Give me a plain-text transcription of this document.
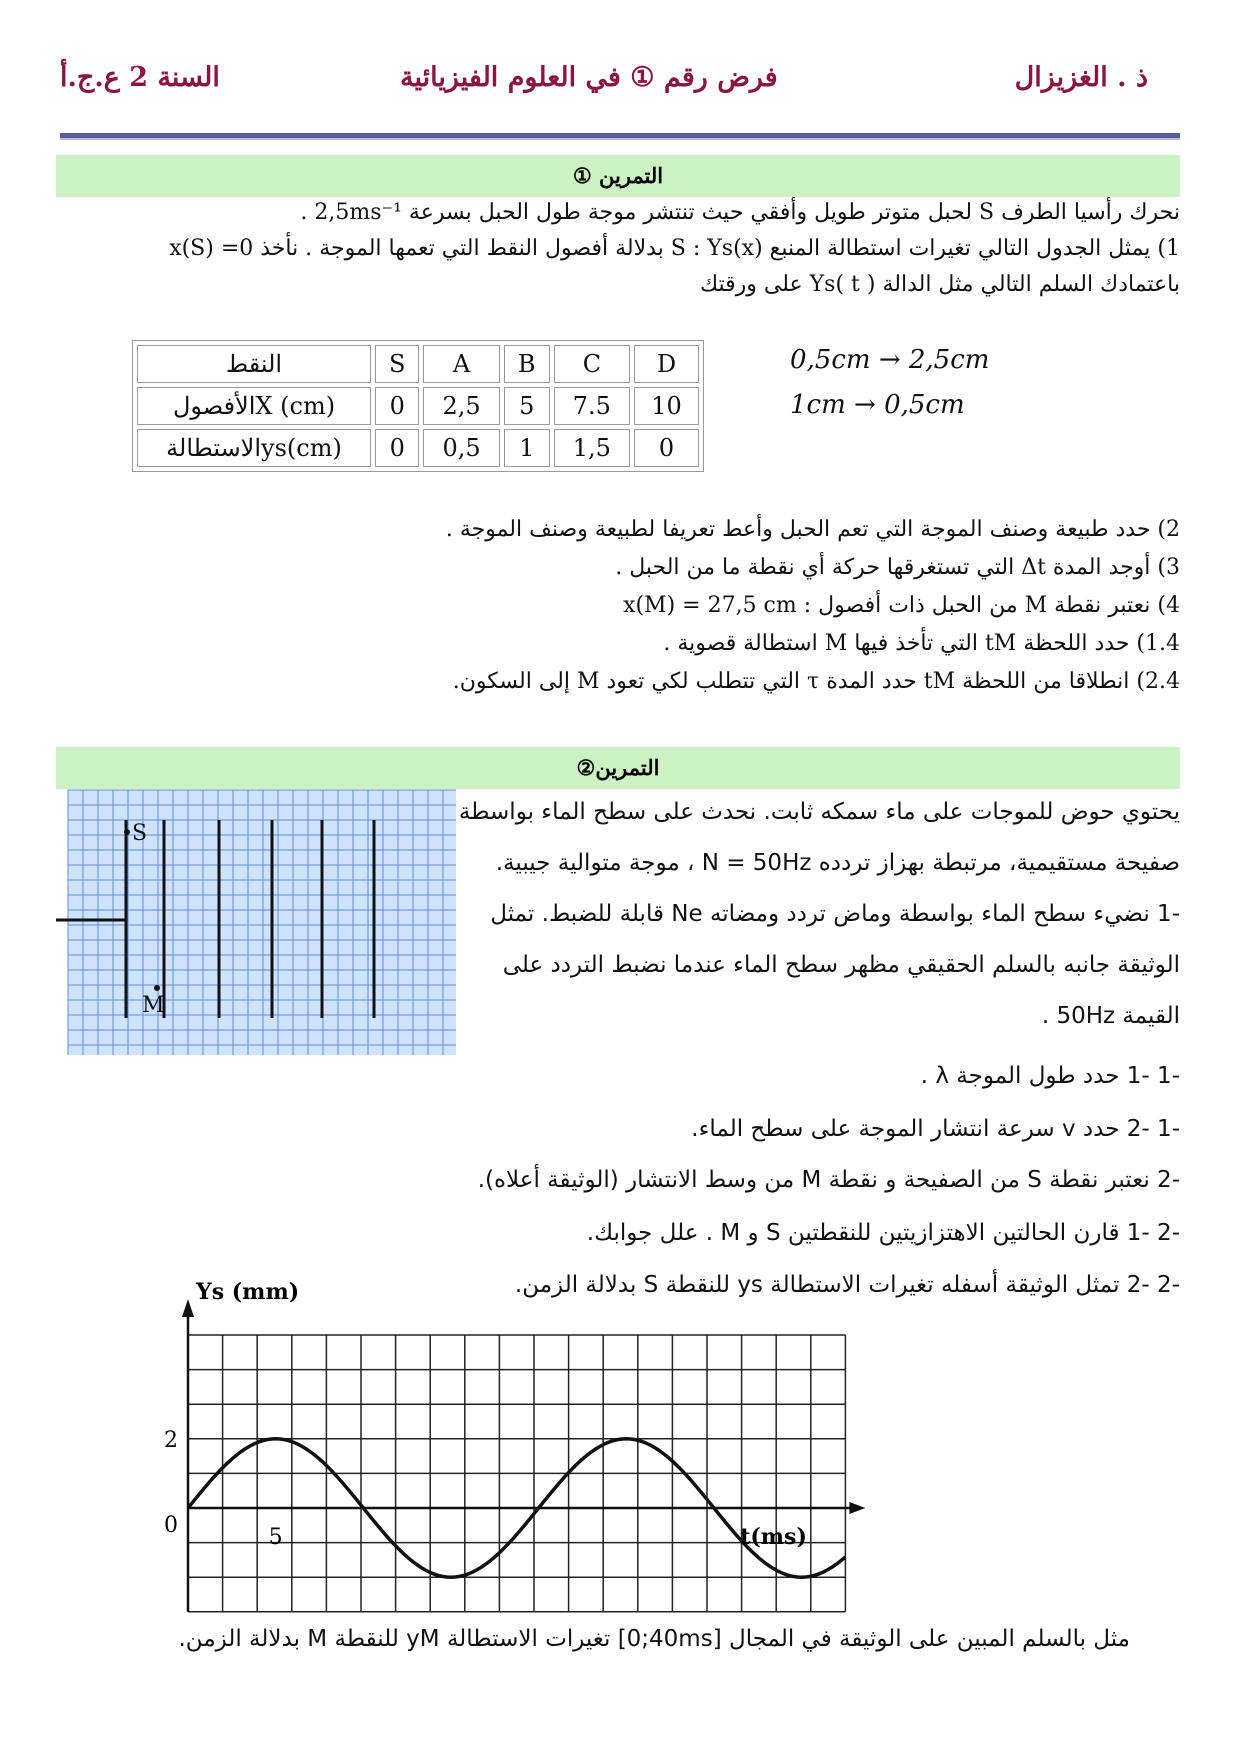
السنة 2 ع.ج.أ	فرض رقم ① في العلوم الفيزيائية	ذ . الغزيزال
التمرين ①
نحرك رأسيا الطرف S لحبل متوتر طويل وأفقي حيث تنتشر موجة طول الحبل بسرعة ‎2,5ms⁻¹‎ .
1) يمثل الجدول التالي تغيرات استطالة المنبع S : ‎Ys(x)‎ بدلالة أفصول النقط التي تعمها الموجة . نأخذ ‎x(S) =0‎
باعتمادك السلم التالي مثل الدالة ‎Ys( t )‎ على ورقتك
النقط	S	A	B	C	D
X (cm)الأفصول	0	2,5	5	7.5	10
ys(cm)الاستطالة	0	0,5	1	1,5	0
0,5cm → 2,5cm
1cm → 0,5cm
2) حدد طبيعة وصنف الموجة التي تعم الحبل وأعط تعريفا لطبيعة وصنف الموجة .
3) أوجد المدة Δt التي تستغرقها حركة أي نقطة ما من الحبل .
4) نعتبر نقطة M من الحبل ذات أفصول : ‎x(M) = 27,5 cm‎
1.4) حدد اللحظة ‎tM‎ التي تأخذ فيها M استطالة قصوية .
2.4) انطلاقا من اللحظة ‎tM‎ حدد المدة τ التي تتطلب لكي تعود M إلى السكون.
التمرين②
S
M
يحتوي حوض للموجات على ماء سمكه ثابت. نحدث على سطح الماء بواسطة
صفيحة مستقيمية، مرتبطة بهزاز تردده ‎N = 50Hz‎ ، موجة متوالية جيبية.
-1 نضيء سطح الماء بواسطة وماض تردد ومضاته Ne قابلة للضبط. تمثل
الوثيقة جانبه بالسلم الحقيقي مظهر سطح الماء عندما نضبط التردد على
القيمة ‎50Hz‎ .
-1 -1 حدد طول الموجة λ .
-1 -2 حدد v سرعة انتشار الموجة على سطح الماء.
-2 نعتبر نقطة S من الصفيحة و نقطة M من وسط الانتشار (الوثيقة أعلاه).
-2 -1 قارن الحالتين الاهتزازيتين للنقطتين S و M . علل جوابك.
-2 -2 تمثل الوثيقة أسفله تغيرات الاستطالة ys للنقطة S بدلالة الزمن.
Ys (mm)
t(ms)
2
0	5
مثل بالسلم المبين على الوثيقة في المجال ‎[0;40ms]‎ تغيرات الاستطالة yM للنقطة M بدلالة الزمن.
